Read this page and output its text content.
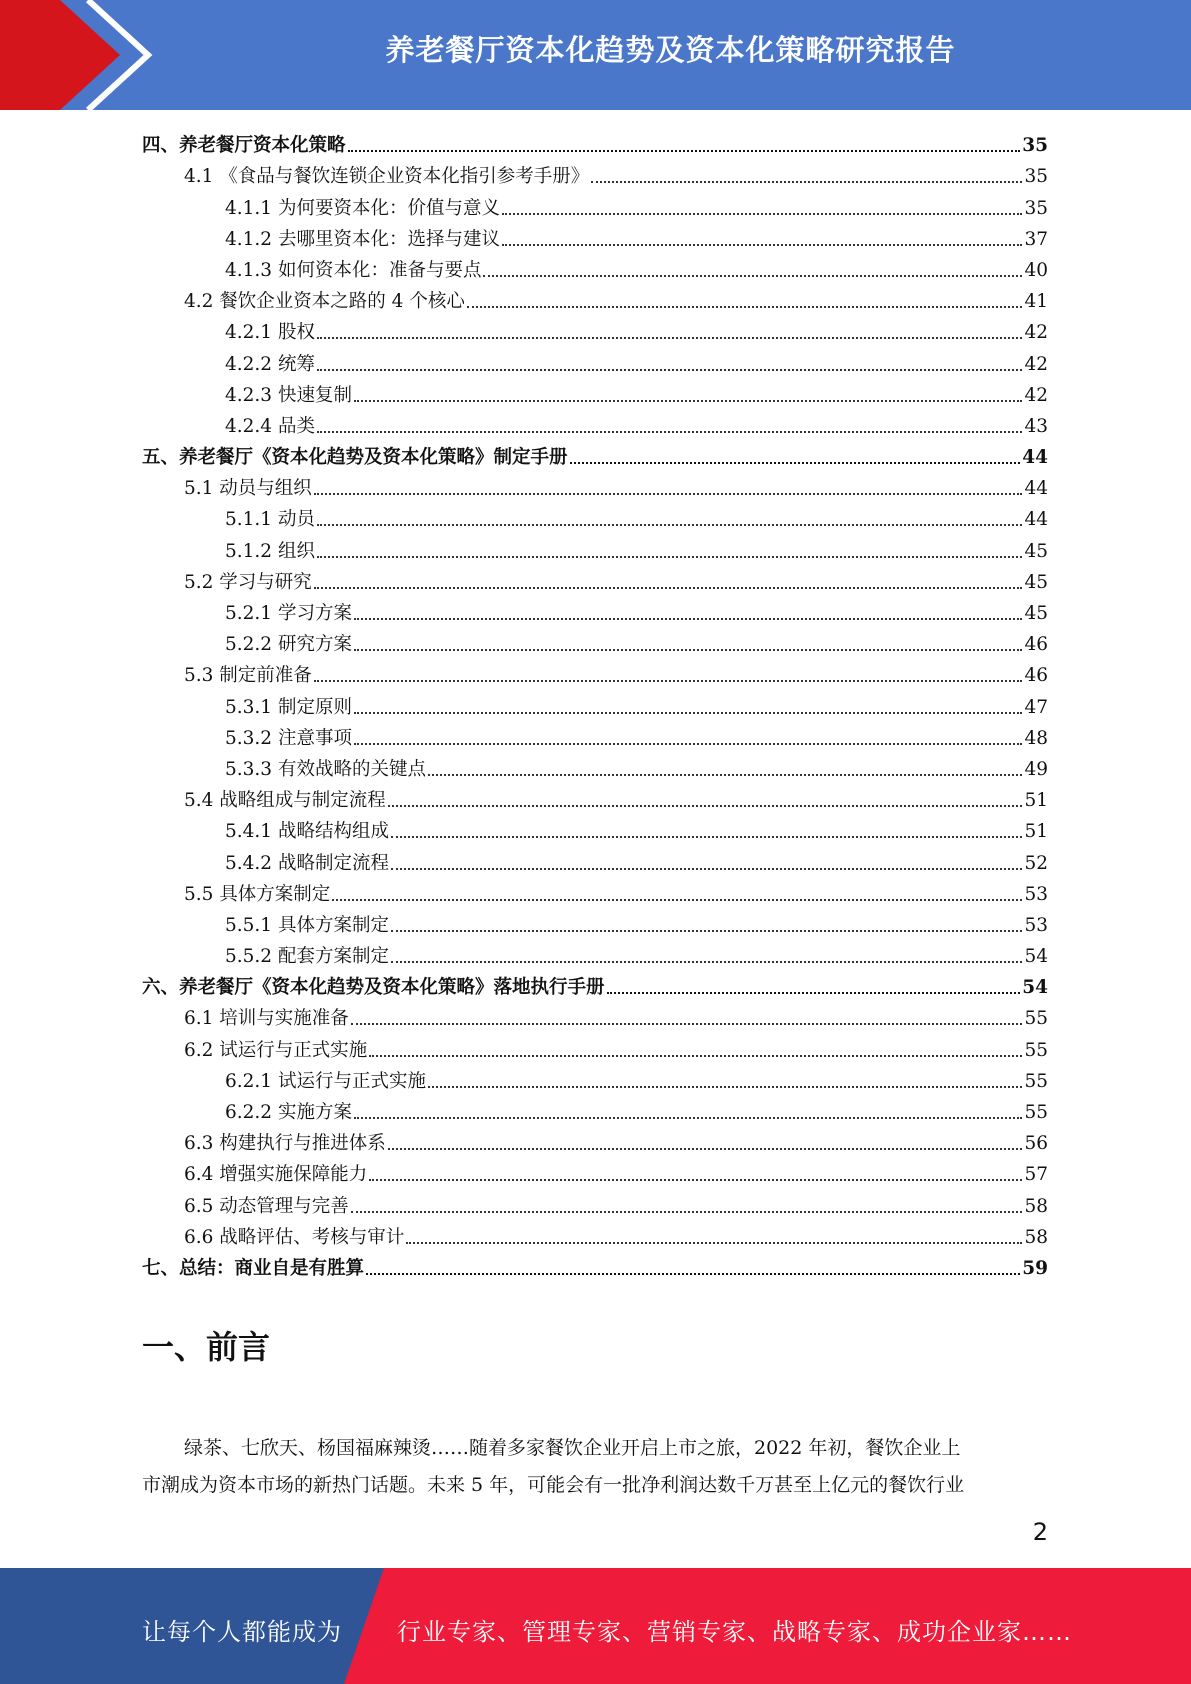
养老餐厅资本化趋势及资本化策略研究报告
四、养老餐厅资本化策略	35
4.1 《食品与餐饮连锁企业资本化指引参考手册》	35
4.1.1 为何要资本化：价值与意义	35
4.1.2 去哪里资本化：选择与建议	37
4.1.3 如何资本化：准备与要点	40
4.2 餐饮企业资本之路的 4 个核心	41
4.2.1 股权	42
4.2.2 统筹	42
4.2.3 快速复制	42
4.2.4 品类	43
五、养老餐厅《资本化趋势及资本化策略》制定手册	44
5.1 动员与组织	44
5.1.1 动员	44
5.1.2 组织	45
5.2 学习与研究	45
5.2.1 学习方案	45
5.2.2 研究方案	46
5.3 制定前准备	46
5.3.1 制定原则	47
5.3.2 注意事项	48
5.3.3 有效战略的关键点	49
5.4 战略组成与制定流程	51
5.4.1 战略结构组成	51
5.4.2 战略制定流程	52
5.5 具体方案制定	53
5.5.1 具体方案制定	53
5.5.2 配套方案制定	54
六、养老餐厅《资本化趋势及资本化策略》落地执行手册	54
6.1 培训与实施准备	55
6.2 试运行与正式实施	55
6.2.1 试运行与正式实施	55
6.2.2 实施方案	55
6.3 构建执行与推进体系	56
6.4 增强实施保障能力	57
6.5 动态管理与完善	58
6.6 战略评估、考核与审计	58
七、总结：商业自是有胜算	59
一、前言

绿茶、七欣天、杨国福麻辣烫……随着多家餐饮企业开启上市之旅，2022 年初，餐饮企业上

市潮成为资本市场的新热门话题。未来 5 年，可能会有一批净利润达数千万甚至上亿元的餐饮行业

2
让每个人都能成为 行业专家、管理专家、营销专家、战略专家、成功企业家……
